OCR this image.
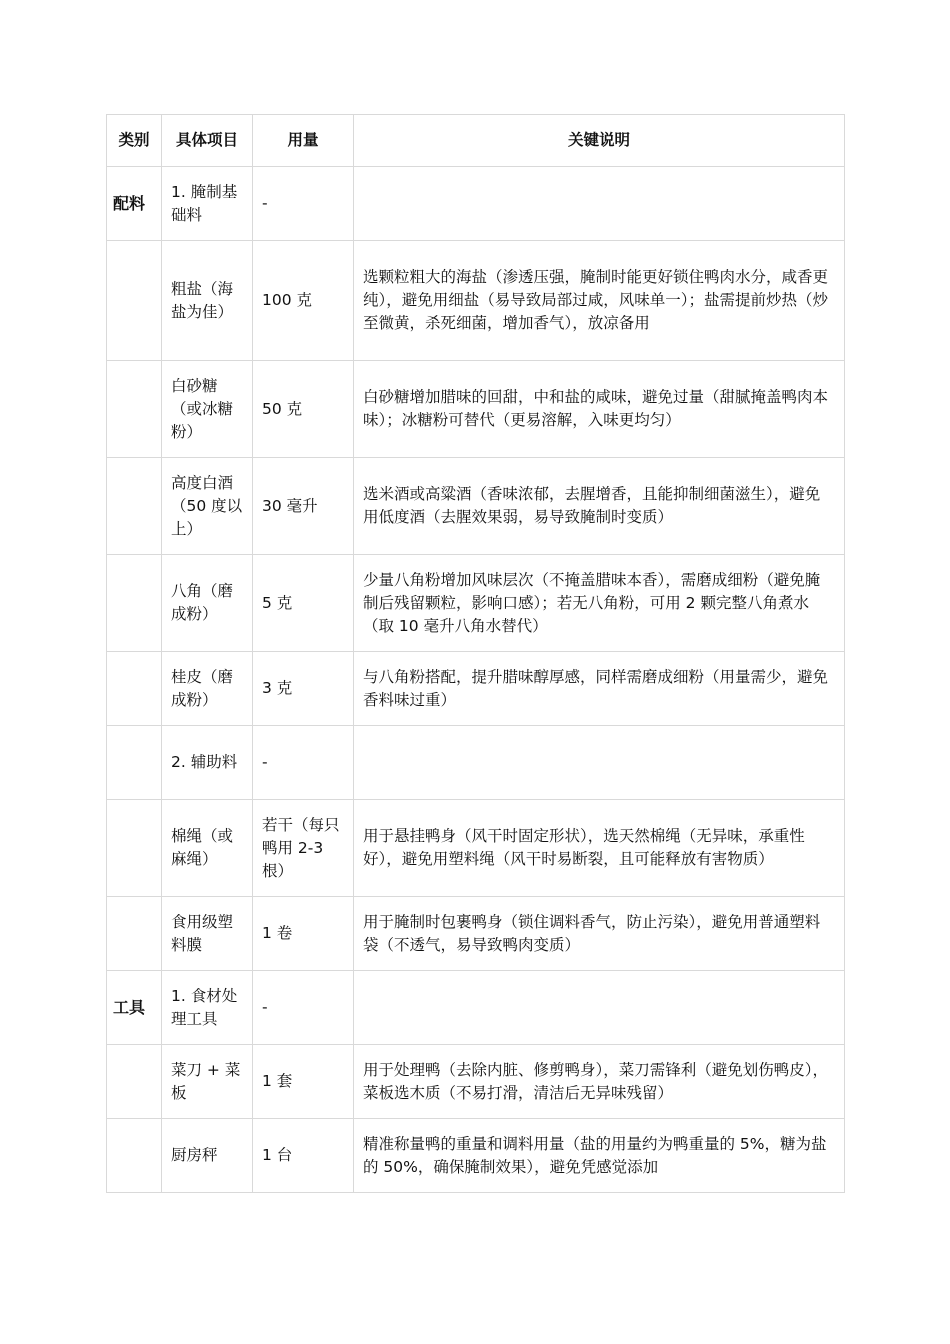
类别	具体项目	用量	关键说明
配料	1. 腌制基础料	-	
	粗盐（海盐为佳）	100 克	选颗粒粗大的海盐（渗透压强，腌制时能更好锁住鸭肉水分，咸香更纯），避免用细盐（易导致局部过咸，风味单一）；盐需提前炒热（炒至微黄，杀死细菌，增加香气），放凉备用
	白砂糖（或冰糖粉）	50 克	白砂糖增加腊味的回甜，中和盐的咸味，避免过量（甜腻掩盖鸭肉本味）；冰糖粉可替代（更易溶解，入味更均匀）
	高度白酒（50 度以上）	30 毫升	选米酒或高粱酒（香味浓郁，去腥增香，且能抑制细菌滋生），避免用低度酒（去腥效果弱，易导致腌制时变质）
	八角（磨成粉）	5 克	少量八角粉增加风味层次（不掩盖腊味本香），需磨成细粉（避免腌制后残留颗粒，影响口感）；若无八角粉，可用 2 颗完整八角煮水（取 10 毫升八角水替代）
	桂皮（磨成粉）	3 克	与八角粉搭配，提升腊味醇厚感，同样需磨成细粉（用量需少，避免香料味过重）
	2. 辅助料	-	
	棉绳（或麻绳）	若干（每只鸭用 2-3 根）	用于悬挂鸭身（风干时固定形状），选天然棉绳（无异味，承重性好），避免用塑料绳（风干时易断裂，且可能释放有害物质）
	食用级塑料膜	1 卷	用于腌制时包裹鸭身（锁住调料香气，防止污染），避免用普通塑料袋（不透气，易导致鸭肉变质）
工具	1. 食材处理工具	-	
	菜刀 + 菜板	1 套	用于处理鸭（去除内脏、修剪鸭身），菜刀需锋利（避免划伤鸭皮），菜板选木质（不易打滑，清洁后无异味残留）
	厨房秤	1 台	精准称量鸭的重量和调料用量（盐的用量约为鸭重量的 5%，糖为盐的 50%，确保腌制效果），避免凭感觉添加
